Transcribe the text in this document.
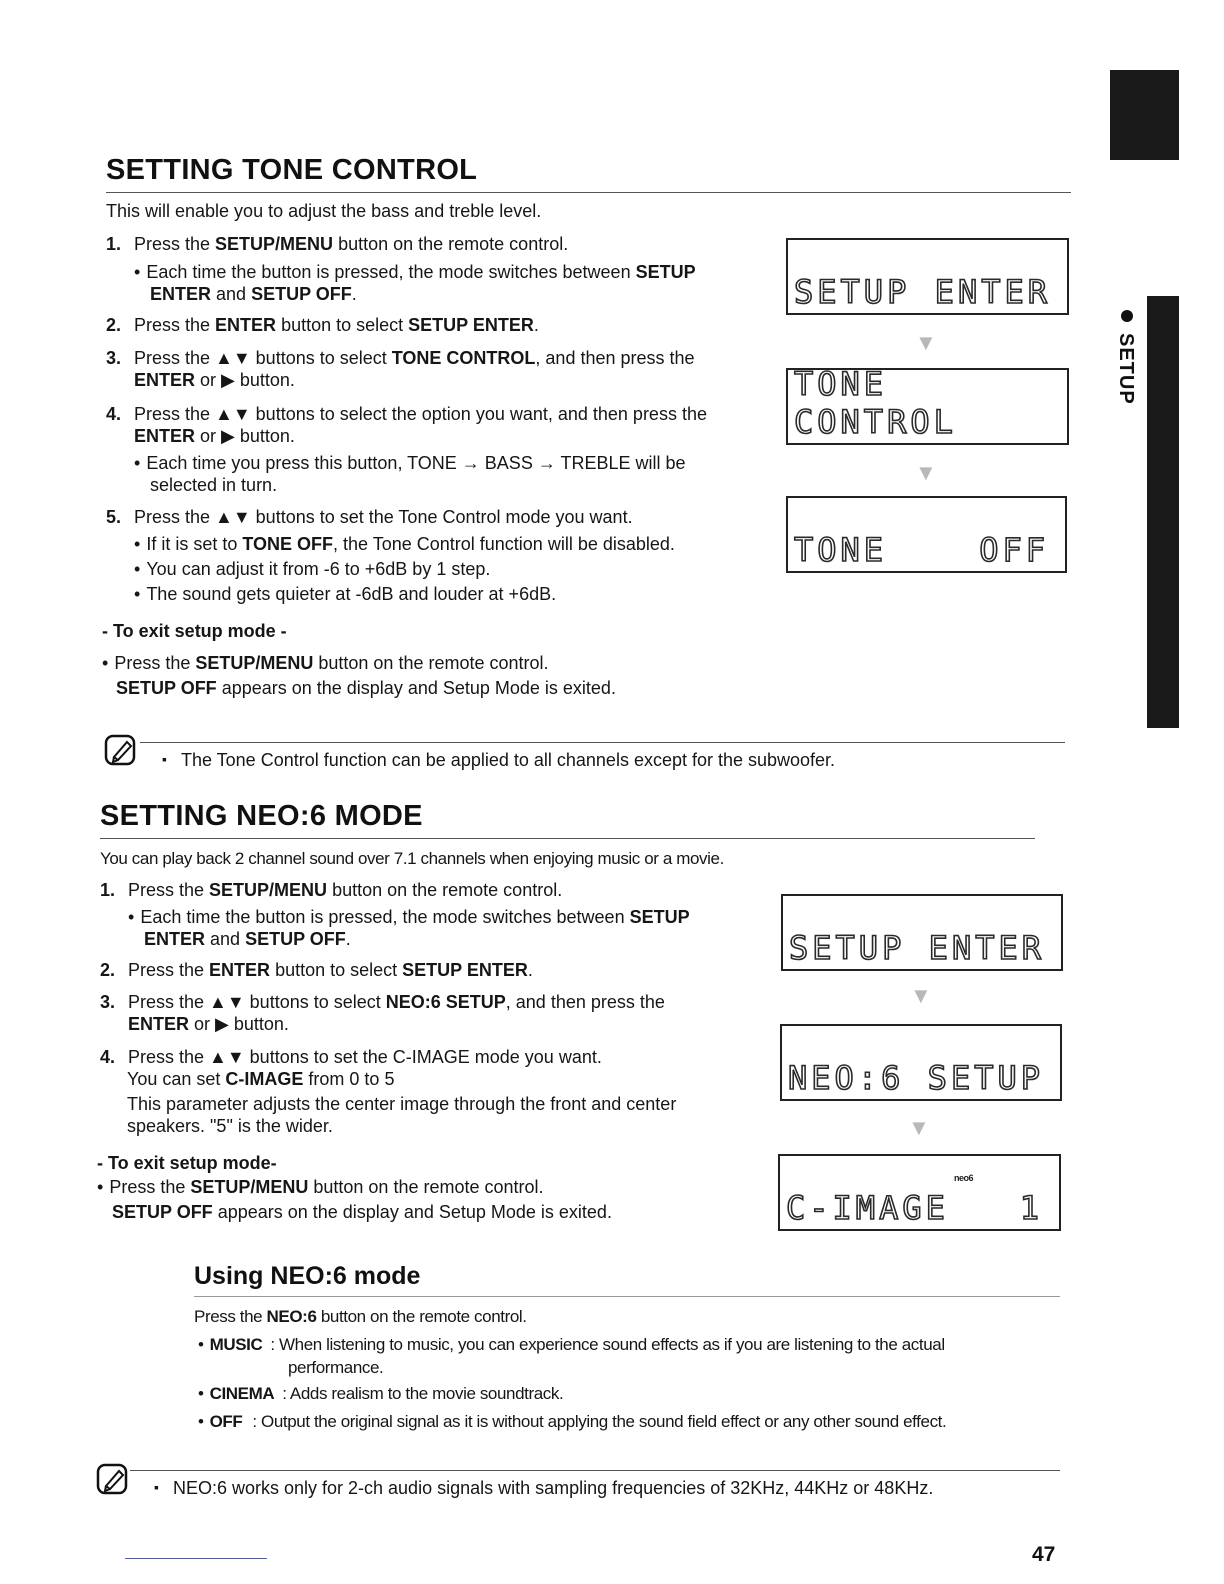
SETUP
SETTING TONE CONTROL
This will enable you to adjust the bass and treble level.
1. Press the SETUP/MENU button on the remote control.
• Each time the button is pressed, the mode switches between SETUP
ENTER and SETUP OFF.
2. Press the ENTER button to select SETUP ENTER.
3. Press the ▲▼ buttons to select TONE CONTROL, and then press the
ENTER or ▶ button.
4. Press the ▲▼ buttons to select the option you want, and then press the
ENTER or ▶ button.
• Each time you press this button, TONE → BASS → TREBLE will be
selected in turn.
5. Press the ▲▼ buttons to set the Tone Control mode you want.
• If it is set to TONE OFF, the Tone Control function will be disabled.
• You can adjust it from -6 to +6dB by 1 step.
• The sound gets quieter at -6dB and louder at +6dB.
- To exit setup mode -
• Press the SETUP/MENU button on the remote control.
SETUP OFF appears on the display and Setup Mode is exited.
SETUP ENTER
▼
TONE CONTROL
▼
TONE	OFF
▪ The Tone Control function can be applied to all channels except for the subwoofer.
SETTING NEO:6 MODE
You can play back 2 channel sound over 7.1 channels when enjoying music or a movie.
1. Press the SETUP/MENU button on the remote control.
• Each time the button is pressed, the mode switches between SETUP
ENTER and SETUP OFF.
2. Press the ENTER button to select SETUP ENTER.
3. Press the ▲▼ buttons to select NEO:6 SETUP, and then press the
ENTER or ▶ button.
4. Press the ▲▼ buttons to set the C-IMAGE mode you want.
You can set C-IMAGE from 0 to 5
This parameter adjusts the center image through the front and center
speakers. "5" is the wider.
- To exit setup mode-
• Press the SETUP/MENU button on the remote control.
SETUP OFF appears on the display and Setup Mode is exited.
SETUP ENTER
▼
NEO:6 SETUP
▼
neo6
C-IMAGE 1
Using NEO:6 mode
Press the NEO:6 button on the remote control.
• MUSIC : When listening to music, you can experience sound effects as if you are listening to the actual
performance.
• CINEMA : Adds realism to the movie soundtrack.
• OFF : Output the original signal as it is without applying the sound field effect or any other sound effect.
▪ NEO:6 works only for 2-ch audio signals with sampling frequencies of 32KHz, 44KHz or 48KHz.
47
